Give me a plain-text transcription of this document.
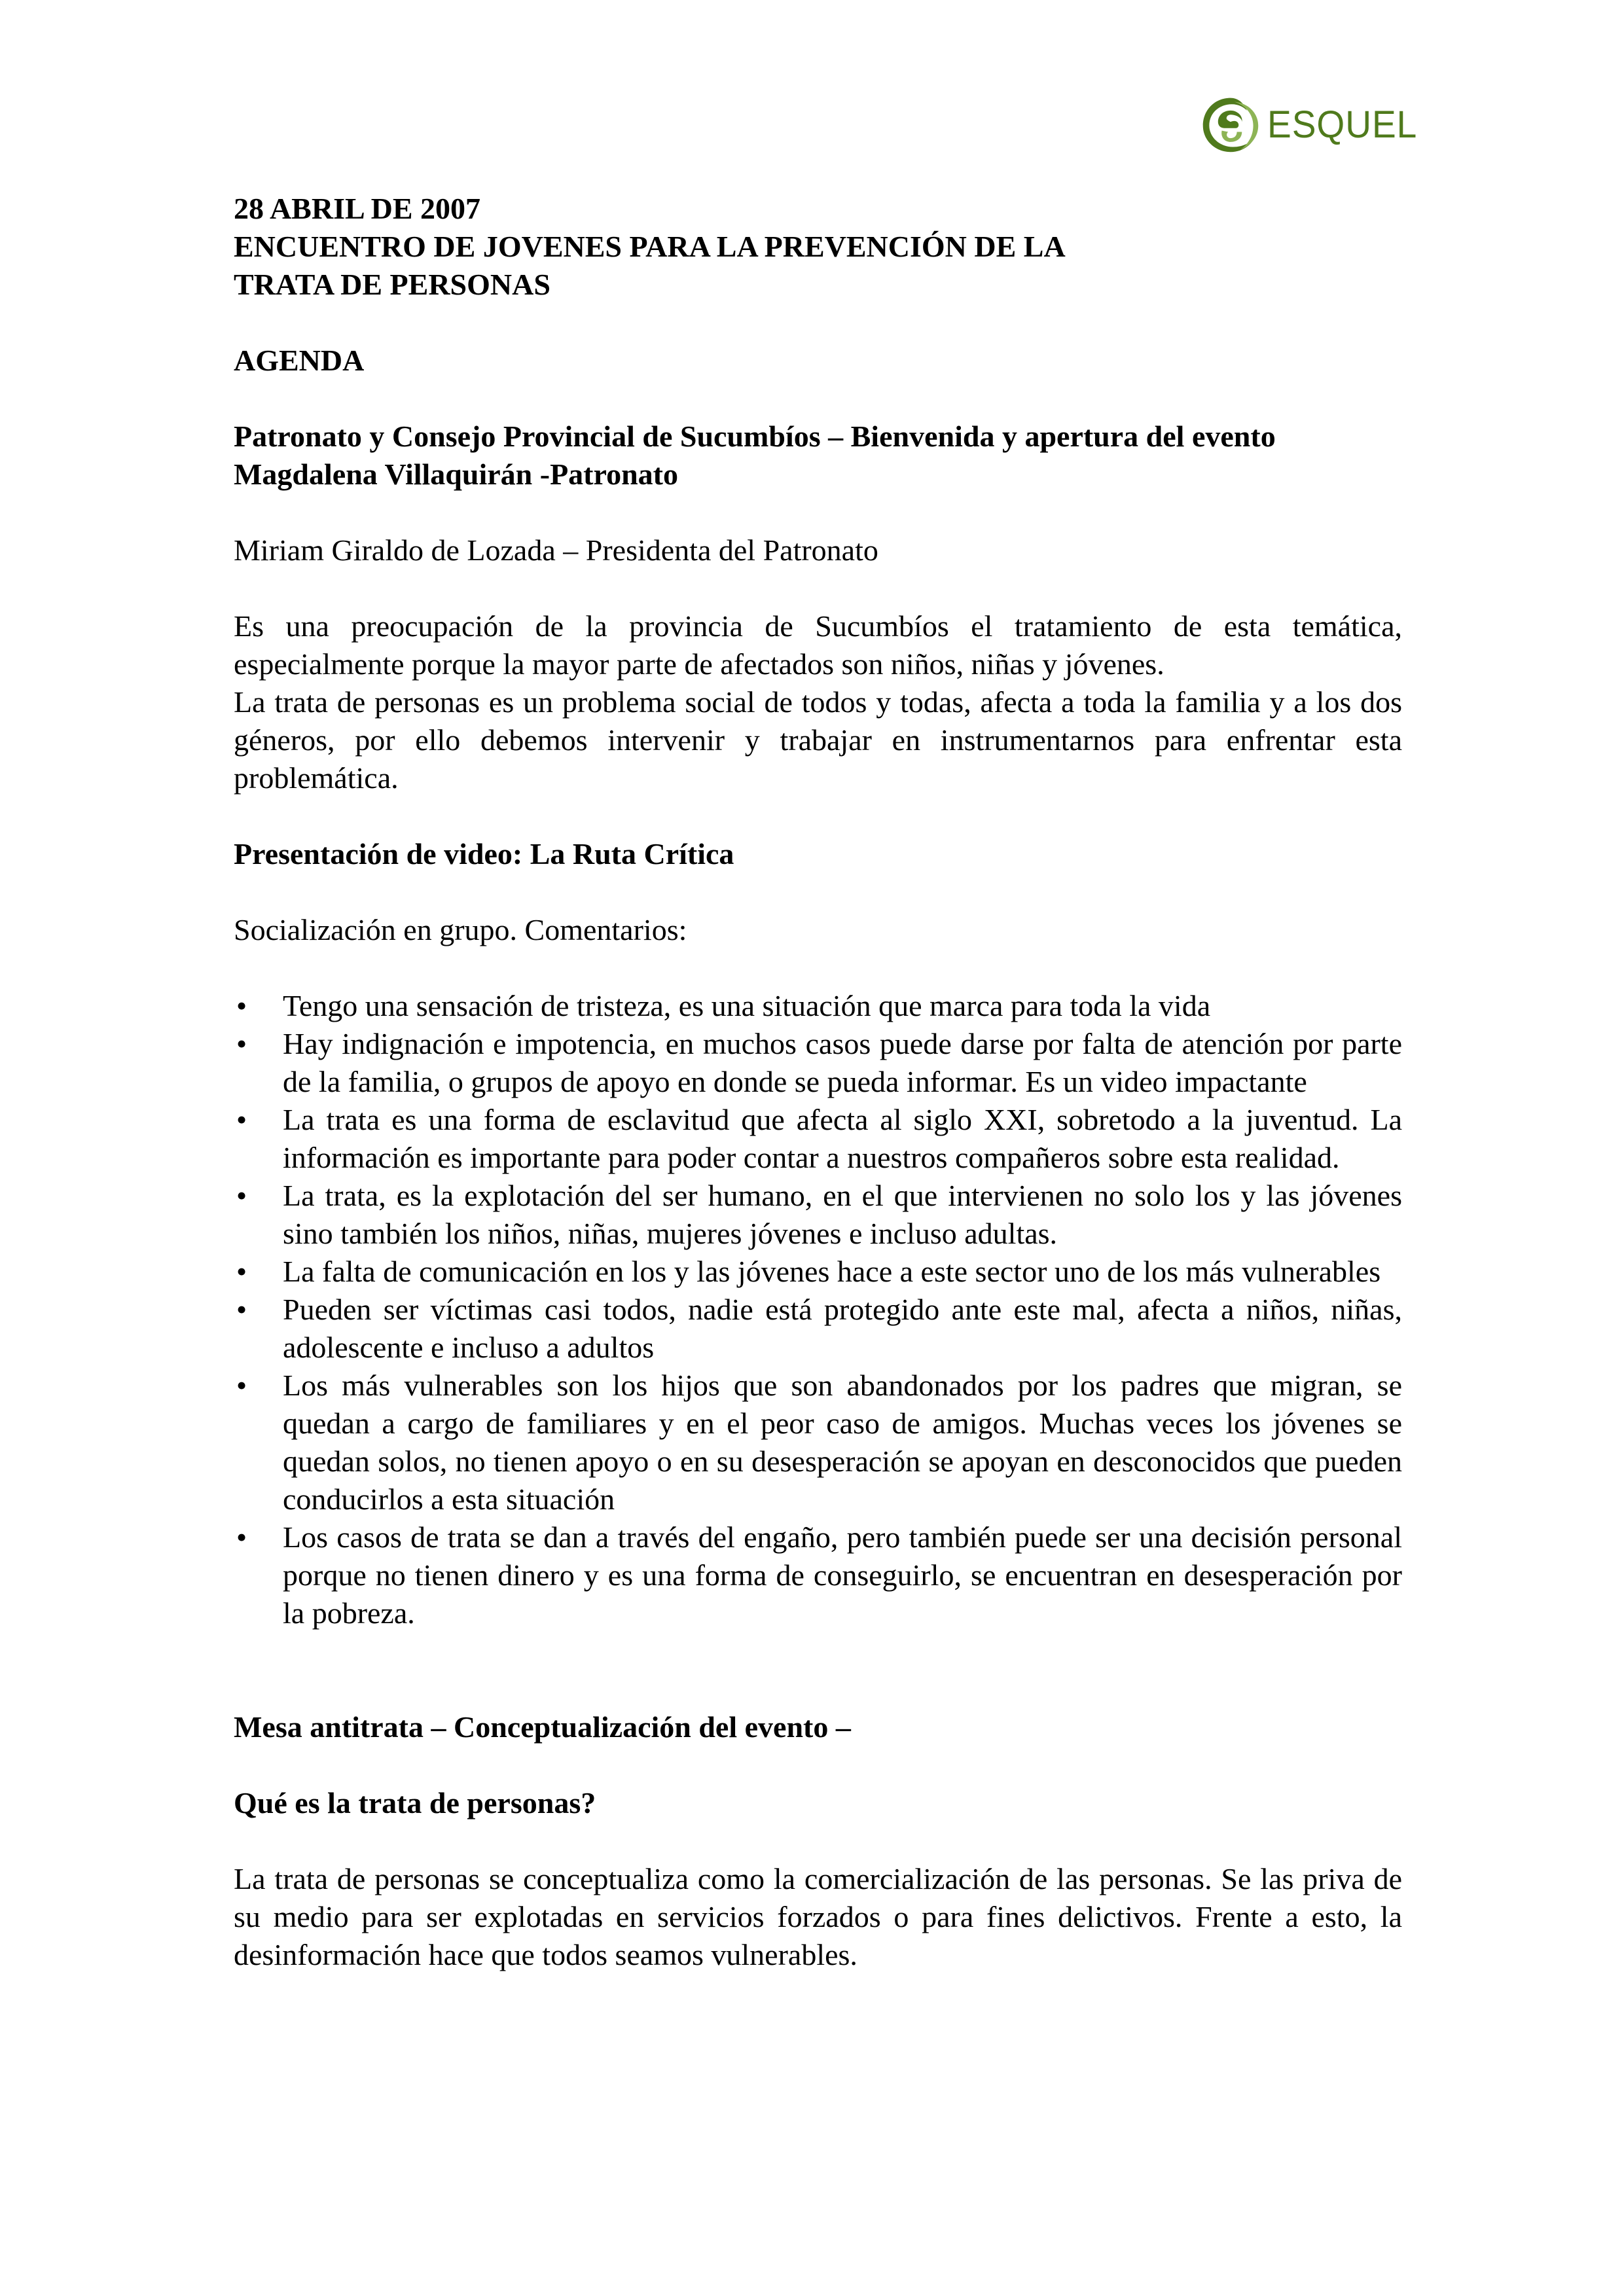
ESQUEL

28 ABRIL DE 2007

ENCUENTRO DE JOVENES PARA LA PREVENCIÓN DE LA

TRATA DE PERSONAS

AGENDA

Patronato y Consejo Provincial de Sucumbíos – Bienvenida y apertura del evento

Magdalena Villaquirán -Patronato

Miriam Giraldo de Lozada – Presidenta del Patronato

Es una preocupación de la provincia de Sucumbíos el tratamiento de esta temática, especialmente porque la mayor parte de afectados son niños, niñas y jóvenes.

La trata de personas es un problema social de todos y todas, afecta a toda la familia y a los dos géneros, por ello debemos intervenir y trabajar en instrumentarnos para enfrentar esta problemática.

Presentación de video: La Ruta Crítica

Socialización en grupo. Comentarios:

• Tengo una sensación de tristeza, es una situación que marca para toda la vida
• Hay indignación e impotencia, en muchos casos puede darse por falta de atención por parte de la familia, o grupos de apoyo en donde se pueda informar. Es un video impactante
• La trata es una forma de esclavitud que afecta al siglo XXI, sobretodo a la juventud. La información es importante para poder contar a nuestros compañeros sobre esta realidad.
• La trata, es la explotación del ser humano, en el que intervienen no solo los y las jóvenes sino también los niños, niñas, mujeres jóvenes e incluso adultas.
• La falta de comunicación en los y las jóvenes hace a este sector uno de los más vulnerables
• Pueden ser víctimas casi todos, nadie está protegido ante este mal, afecta a niños, niñas, adolescente e incluso a adultos
• Los más vulnerables son los hijos que son abandonados por los padres que migran, se quedan a cargo de familiares y en el peor caso de amigos. Muchas veces los jóvenes se quedan solos, no tienen apoyo o en su desesperación se apoyan en desconocidos que pueden conducirlos a esta situación
• Los casos de trata se dan a través del engaño, pero también puede ser una decisión personal porque no tienen dinero y es una forma de conseguirlo, se encuentran en desesperación por la pobreza.

Mesa antitrata – Conceptualización del evento –

Qué es la trata de personas?

La trata de personas se conceptualiza como la comercialización de las personas. Se las priva de su medio para ser explotadas en servicios forzados o para fines delictivos. Frente a esto, la desinformación hace que todos seamos vulnerables.
